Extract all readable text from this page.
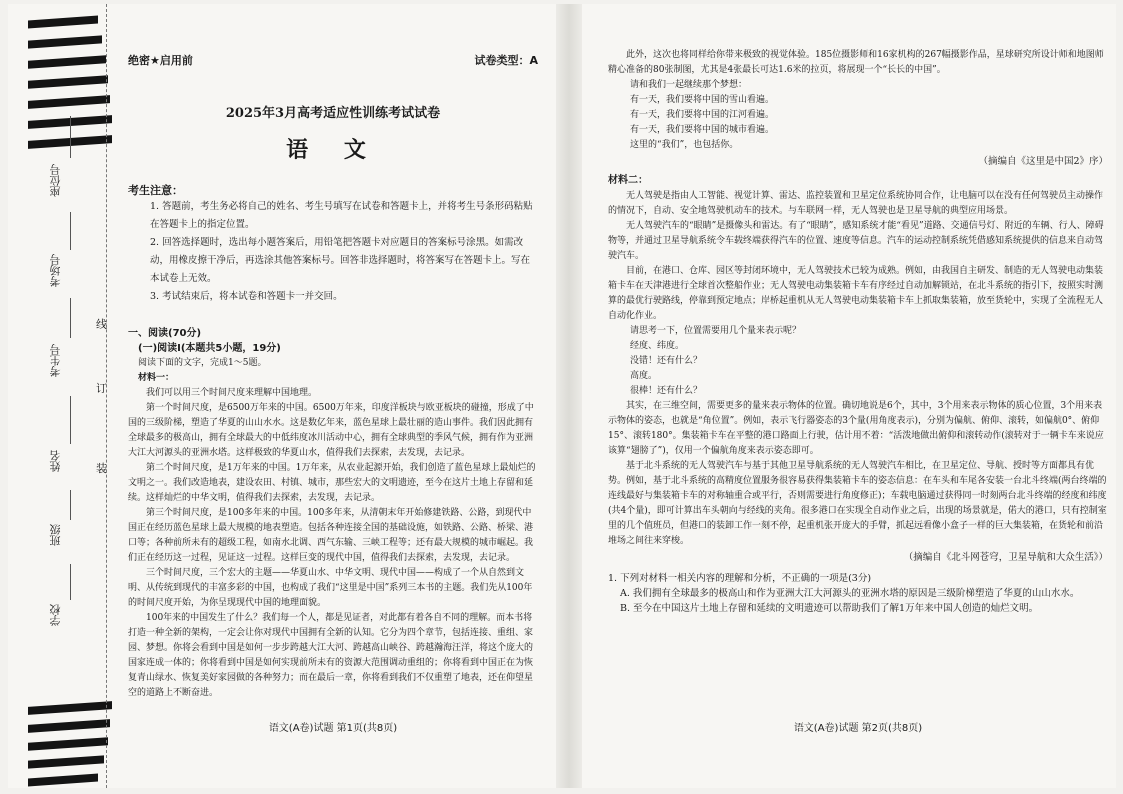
座位号
考场号
考生号
姓名
班级
学校
线
订
装
绝密★启用前	试卷类型：A
2025年3月高考适应性训练考试试卷
语 文
考生注意：
1. 答题前，考生务必将自己的姓名、考生号填写在试卷和答题卡上，并将考生号条形码粘贴在答题卡上的指定位置。
2. 回答选择题时，选出每小题答案后，用铅笔把答题卡对应题目的答案标号涂黑。如需改动，用橡皮擦干净后，再选涂其他答案标号。回答非选择题时，将答案写在答题卡上。写在本试卷上无效。
3. 考试结束后，将本试卷和答题卡一并交回。
一、阅读(70分)
(一)阅读Ⅰ(本题共5小题，19分)

阅读下面的文字，完成1～5题。

材料一：

我们可以用三个时间尺度来理解中国地理。

第一个时间尺度，是6500万年来的中国。6500万年来，印度洋板块与欧亚板块的碰撞，形成了中国的三级阶梯，塑造了华夏的山山水水。这是数亿年来，蓝色星球上最壮丽的造山事件。我们因此拥有全球最多的极高山，拥有全球最大的中低纬度冰川活动中心，拥有全球典型的季风气候，拥有作为亚洲大江大河源头的亚洲水塔。这样极致的华夏山水，值得我们去探索，去发现，去记录。

第二个时间尺度，是1万年来的中国。1万年来，从农业起源开始，我们创造了蓝色星球上最灿烂的文明之一。我们改造地表，建设农田、村镇、城市，那些宏大的文明遗迹，至今在这片土地上存留和延续。这样灿烂的中华文明，值得我们去探索，去发现，去记录。

第三个时间尺度，是100多年来的中国。100多年来，从清朝末年开始修建铁路、公路，到现代中国正在经历蓝色星球上最大规模的地表塑造。包括各种连接全国的基础设施，如铁路、公路、桥梁、港口等；各种前所未有的超级工程，如南水北调、西气东输、三峡工程等；还有最大规模的城市崛起。我们正在经历这一过程，见证这一过程。这样巨变的现代中国，值得我们去探索，去发现，去记录。

三个时间尺度，三个宏大的主题——华夏山水、中华文明、现代中国——构成了一个从自然到文明、从传统到现代的丰富多彩的中国，也构成了我们“这里是中国”系列三本书的主题。我们先从100年的时间尺度开始，为你呈现现代中国的地理面貌。

100年来的中国发生了什么？我们每一个人，都是见证者，对此都有着各自不同的理解。而本书将打造一种全新的架构，一定会让你对现代中国拥有全新的认知。它分为四个章节，包括连接、重组、家园、梦想。你将会看到中国是如何一步步跨越大江大河、跨越高山峡谷、跨越瀚海汪洋，将这个庞大的国家连成一体的；你将看到中国是如何实现前所未有的资源大范围调动重组的；你将看到中国正在为恢复青山绿水、恢复美好家园做的各种努力；而在最后一章，你将看到我们不仅重塑了地表，还在仰望星空的道路上不断奋进。

语文(A卷)试题 第1页(共8页)

此外，这次也将同样给你带来极致的视觉体验。185位摄影师和16家机构的267幅摄影作品，星球研究所设计师和地图师精心准备的80张制图，尤其是4张最长可达1.6米的拉页，将展现一个“长长的中国”。

请和我们一起继续那个梦想：

有一天，我们要将中国的雪山看遍。

有一天，我们要将中国的江河看遍。

有一天，我们要将中国的城市看遍。

这里的“我们”，也包括你。

（摘编自《这里是中国2》序）

材料二：

无人驾驶是指由人工智能、视觉计算、雷达、监控装置和卫星定位系统协同合作，让电脑可以在没有任何驾驶员主动操作的情况下，自动、安全地驾驶机动车的技术。与车联网一样，无人驾驶也是卫星导航的典型应用场景。

无人驾驶汽车的“眼睛”是摄像头和雷达。有了“眼睛”，感知系统才能“看见”道路、交通信号灯、附近的车辆、行人、障碍物等，并通过卫星导航系统令车载终端获得汽车的位置、速度等信息。汽车的运动控制系统凭借感知系统提供的信息来自动驾驶汽车。

目前，在港口、仓库、园区等封闭环境中，无人驾驶技术已较为成熟。例如，由我国自主研发、制造的无人驾驶电动集装箱卡车在天津港进行全球首次整船作业；无人驾驶电动集装箱卡车有序经过自动加解锁站，在北斗系统的指引下，按照实时测算的最优行驶路线，停靠到预定地点；岸桥起重机从无人驾驶电动集装箱卡车上抓取集装箱，放至货轮中，实现了全流程无人自动化作业。

请思考一下，位置需要用几个量来表示呢？

经度、纬度。

没错！还有什么？

高度。

很棒！还有什么？

其实，在三维空间，需要更多的量来表示物体的位置。确切地说是6个，其中，3个用来表示物体的质心位置，3个用来表示物体的姿态，也就是“角位置”。例如，表示飞行器姿态的3个量(用角度表示)，分别为偏航、俯仰、滚转，如偏航0°、俯仰15°、滚转180°。集装箱卡车在平整的港口路面上行驶，估计用不着：“活泼地做出俯仰和滚转动作(滚转对于一辆卡车来说应该算“翅膀了”)，仅用一个偏航角度来表示姿态即可。

基于北斗系统的无人驾驶汽车与基于其他卫星导航系统的无人驾驶汽车相比，在卫星定位、导航、授时等方面都具有优势。例如，基于北斗系统的高精度位置服务很容易获得集装箱卡车的姿态信息：在车头和车尾各安装一台北斗终端(两台终端的连线最好与集装箱卡车的对称轴重合或平行，否则需要进行角度修正)；车载电脑通过获得同一时刻两台北斗终端的经度和纬度(共4个量)，即可计算出车头朝向与经线的夹角。很多港口在实现全自动作业之后，出现的场景就是，偌大的港口，只有控制室里的几个值班员，但港口的装卸工作一刻不停，起重机张开庞大的手臂，抓起远看像小盒子一样的巨大集装箱，在货轮和前沿堆场之间往来穿梭。

（摘编自《北斗网苍穹，卫星导航和大众生活》）

1. 下列对材料一相关内容的理解和分析，不正确的一项是(3分)

A. 我们拥有全球最多的极高山和作为亚洲大江大河源头的亚洲水塔的原因是三级阶梯塑造了华夏的山山水水。

B. 至今在中国这片土地上存留和延续的文明遗迹可以帮助我们了解1万年来中国人创造的灿烂文明。

语文(A卷)试题 第2页(共8页)
